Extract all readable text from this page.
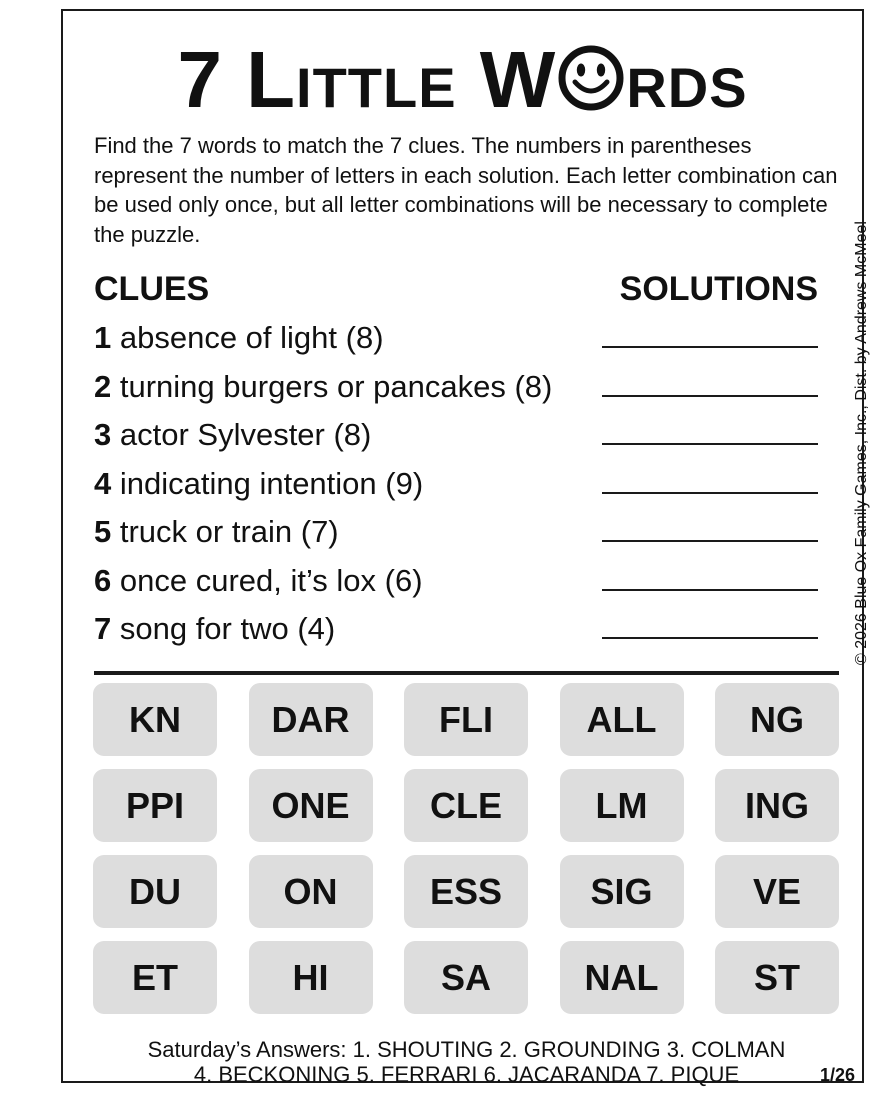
7 Little W rds
Find the 7 words to match the 7 clues. The numbers in parentheses represent the number of letters in each solution. Each letter combination can be used only once, but all letter combinations will be necessary to complete the puzzle.	© 2026 Blue Ox Family Games, Inc., Dist. by Andrews McMeel
CLUES	SOLUTIONS
1 absence of light (8)
2 turning burgers or pancakes (8)
3 actor Sylvester (8)
4 indicating intention (9)
5 truck or train (7)
6 once cured, it’s lox (6)
7 song for two (4)
KN	DAR	FLI	ALL	NG
PPI	ONE	CLE	LM	ING
DU	ON	ESS	SIG	VE
ET	HI	SA	NAL	ST
Saturday’s Answers: 1. SHOUTING 2. GROUNDING 3. COLMAN
4. BECKONING 5. FERRARI 6. JACARANDA 7. PIQUE	1/26
